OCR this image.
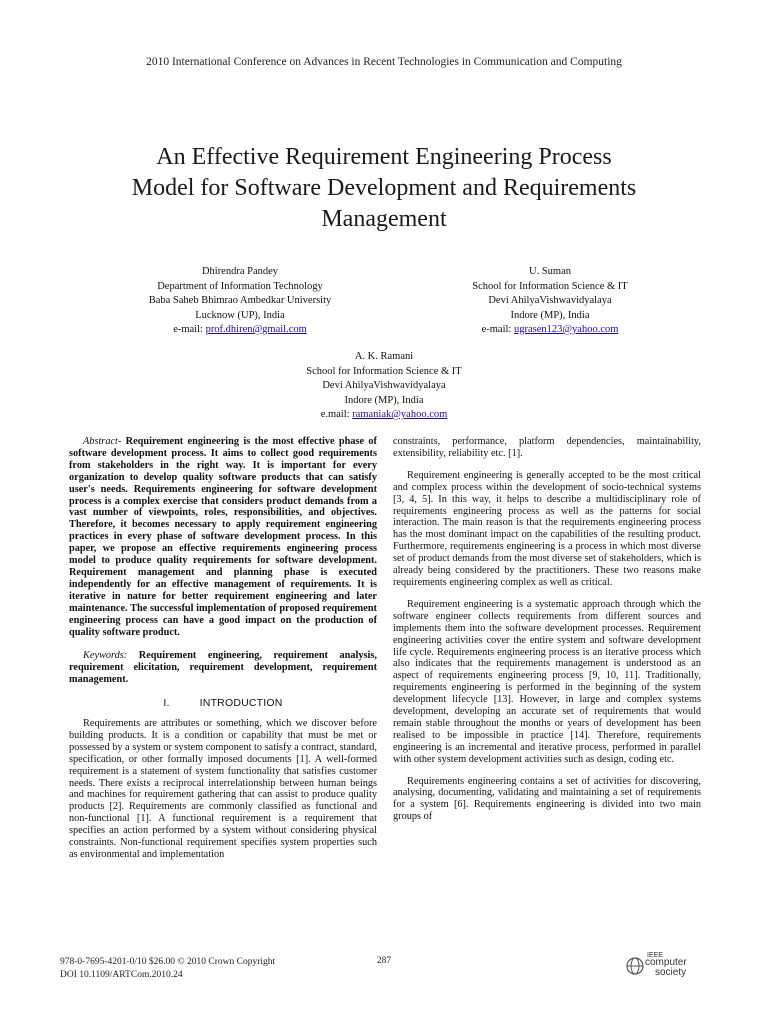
2010 International Conference on Advances in Recent Technologies in Communication and Computing
An Effective Requirement Engineering Process
Model for Software Development and Requirements
Management
Dhirendra Pandey
Department of Information Technology
Baba Saheb Bhimrao Ambedkar University
Lucknow (UP), India
e-mail: prof.dhiren@gmail.com
U. Suman
School for Information Science & IT
Devi AhilyaVishwavidyalaya
Indore (MP), India
e-mail: ugrasen123@yahoo.com
A. K. Ramani
School for Information Science & IT
Devi AhilyaVishwavidyalaya
Indore (MP), India
e.mail: ramaniak@yahoo.com

Abstract- Requirement engineering is the most effective phase of software development process. It aims to collect good requirements from stakeholders in the right way. It is important for every organization to develop quality software products that can satisfy user's needs. Requirements engineering for software development process is a complex exercise that considers product demands from a vast number of viewpoints, roles, responsibilities, and objectives. Therefore, it becomes necessary to apply requirement engineering practices in every phase of software development process. In this paper, we propose an effective requirements engineering process model to produce quality requirements for software development. Requirement management and planning phase is executed independently for an effective management of requirements. It is iterative in nature for better requirement engineering and later maintenance. The successful implementation of proposed requirement engineering process can have a good impact on the production of quality software product.

Keywords: Requirement engineering, requirement analysis, requirement elicitation, requirement development, requirement management.

I.	INTRODUCTION

Requirements are attributes or something, which we discover before building products. It is a condition or capability that must be met or possessed by a system or system component to satisfy a contract, standard, specification, or other formally imposed documents [1]. A well-formed requirement is a statement of system functionality that satisfies customer needs. There exists a reciprocal interrelationship between human beings and machines for requirement gathering that can assist to produce quality products [2]. Requirements are commonly classified as functional and non-functional [1]. A functional requirement is a requirement that specifies an action performed by a system without considering physical constraints. Non-functional requirement specifies system properties such as environmental and implementation

constraints, performance, platform dependencies, maintainability, extensibility, reliability etc. [1].

Requirement engineering is generally accepted to be the most critical and complex process within the development of socio-technical systems [3, 4, 5]. In this way, it helps to describe a multidisciplinary role of requirements engineering process as well as the patterns for social interaction. The main reason is that the requirements engineering process has the most dominant impact on the capabilities of the resulting product. Furthermore, requirements engineering is a process in which most diverse set of product demands from the most diverse set of stakeholders, which is already being considered by the practitioners. These two reasons make requirements engineering complex as well as critical.

Requirement engineering is a systematic approach through which the software engineer collects requirements from different sources and implements them into the software development processes. Requirement engineering activities cover the entire system and software development life cycle. Requirements engineering process is an iterative process which also indicates that the requirements management is understood as an aspect of requirements engineering process [9, 10, 11]. Traditionally, requirements engineering is performed in the beginning of the system development lifecycle [13]. However, in large and complex systems development, developing an accurate set of requirements that would remain stable throughout the months or years of development has been realised to be impossible in practice [14]. Therefore, requirements engineering is an incremental and iterative process, performed in parallel with other system development activities such as design, coding etc.

Requirements engineering contains a set of activities for discovering, analysing, documenting, validating and maintaining a set of requirements for a system [6]. Requirements engineering is divided into two main groups of

978-0-7695-4201-0/10 $26.00 © 2010 Crown Copyright
DOI 10.1109/ARTCom.2010.24
287
IEEE
computer
society
